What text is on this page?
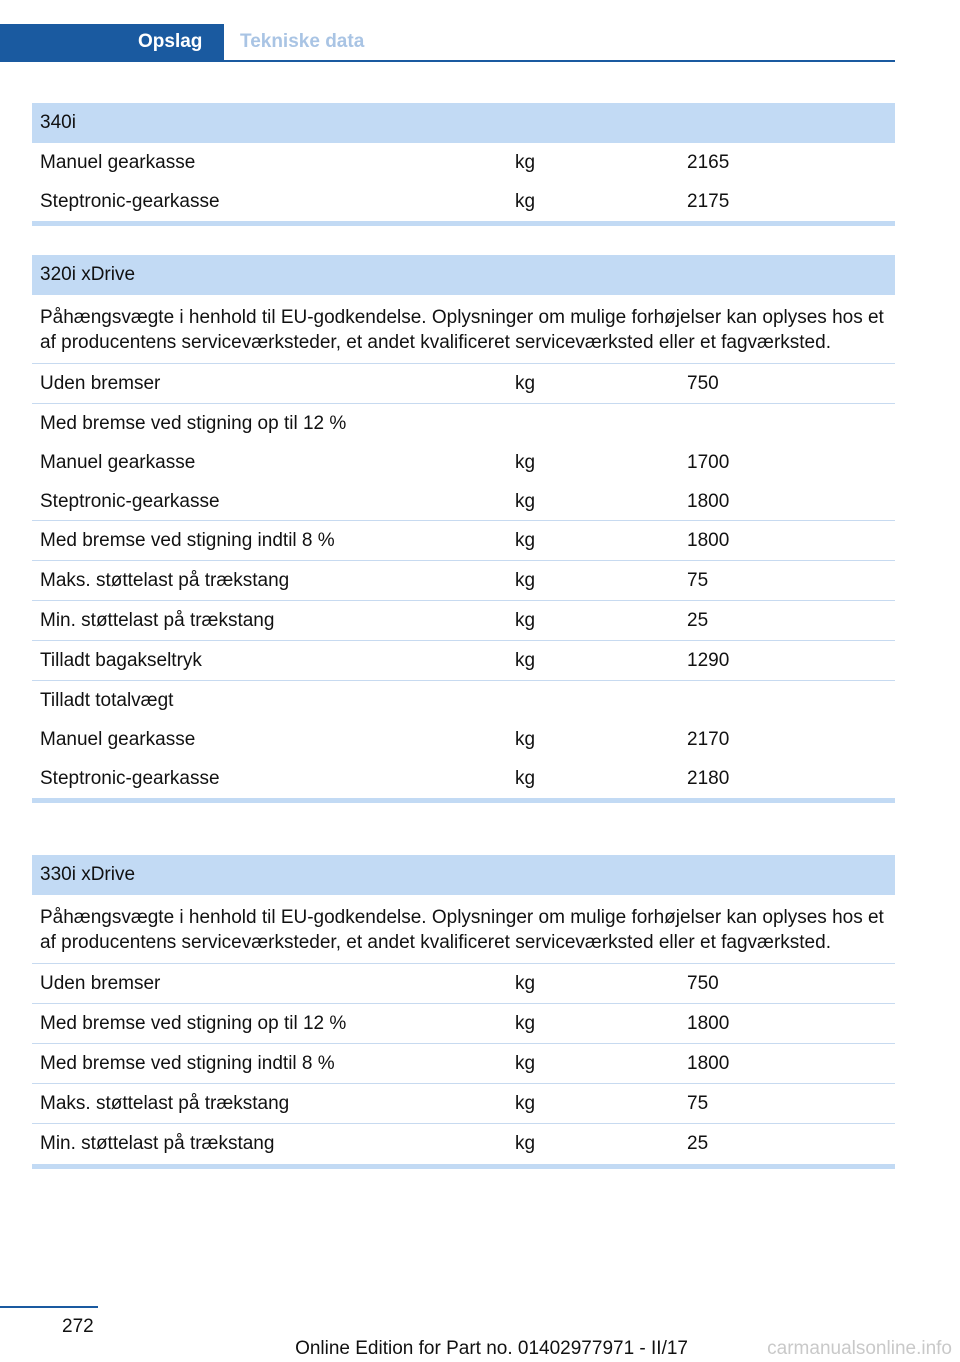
Opslag Tekniske data
340i
Manuel gearkasse	kg	2165
Steptronic-gearkasse	kg	2175
320i xDrive
Påhængsvægte i henhold til EU-godkendelse. Oplysninger om mulige forhøjelser kan oplyses hos et af producentens serviceværksteder, et andet kvalificeret serviceværksted eller et fagværksted.
Uden bremser	kg	750
Med bremse ved stigning op til 12 %
Manuel gearkasse	kg	1700
Steptronic-gearkasse	kg	1800
Med bremse ved stigning indtil 8 %	kg	1800
Maks. støttelast på trækstang	kg	75
Min. støttelast på trækstang	kg	25
Tilladt bagakseltryk	kg	1290
Tilladt totalvægt
Manuel gearkasse	kg	2170
Steptronic-gearkasse	kg	2180
330i xDrive
Påhængsvægte i henhold til EU-godkendelse. Oplysninger om mulige forhøjelser kan oplyses hos et af producentens serviceværksteder, et andet kvalificeret serviceværksted eller et fagværksted.
Uden bremser	kg	750
Med bremse ved stigning op til 12 %	kg	1800
Med bremse ved stigning indtil 8 %	kg	1800
Maks. støttelast på trækstang	kg	75
Min. støttelast på trækstang	kg	25
272
Online Edition for Part no. 01402977971 - II/17	carmanualsonline.info
